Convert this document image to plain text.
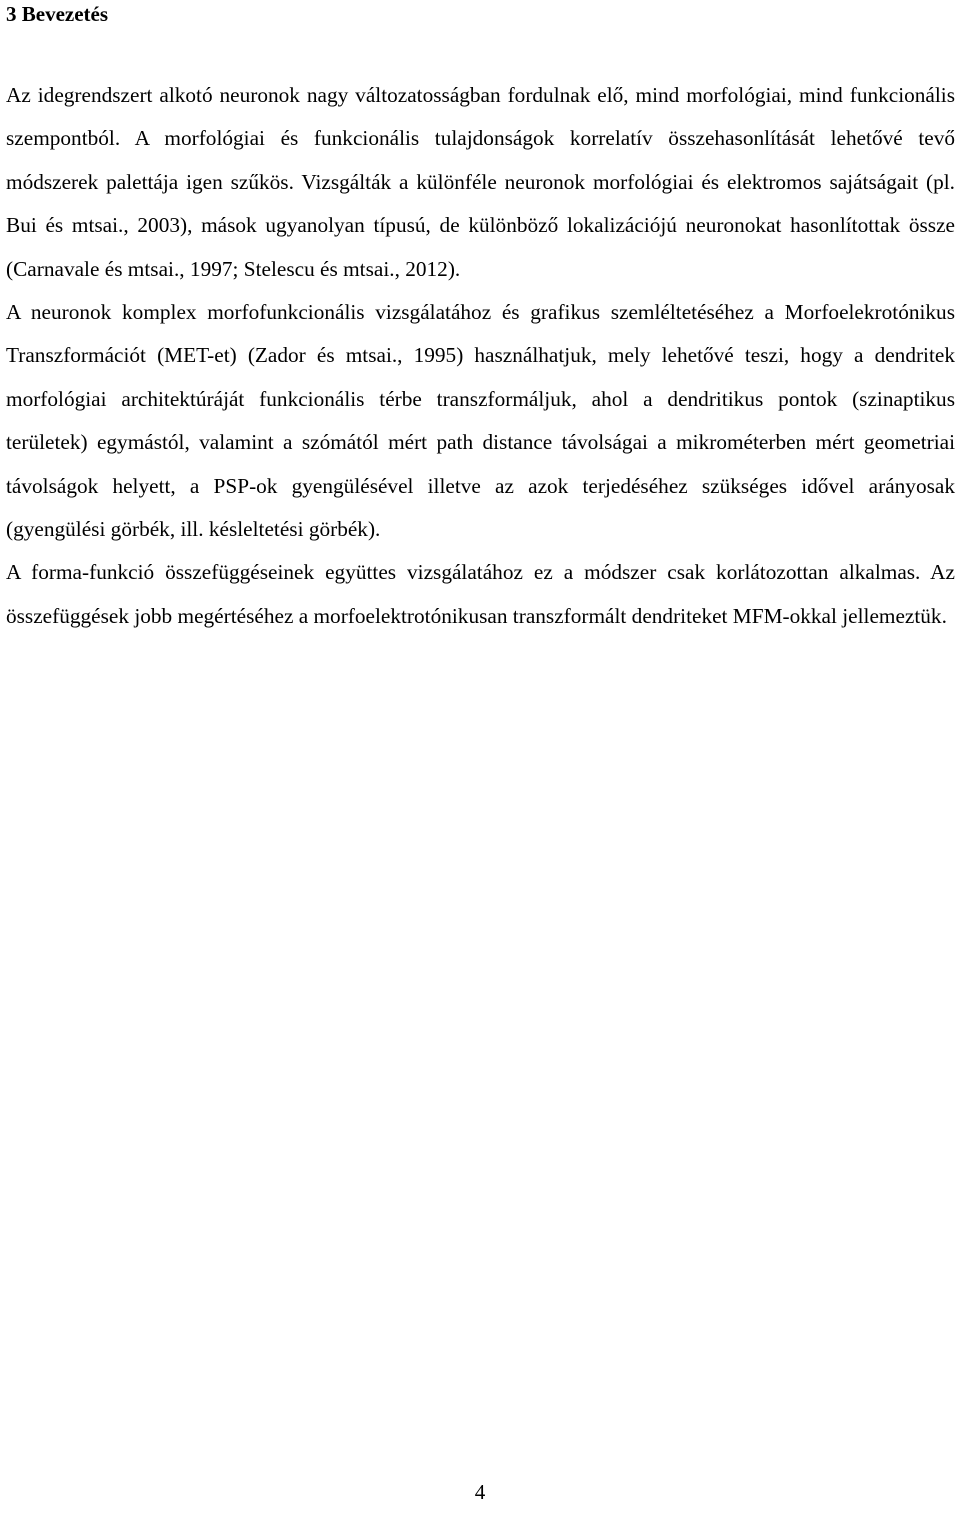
3 Bevezetés

Az idegrendszert alkotó neuronok nagy változatosságban fordulnak elő, mind morfológiai, mind funkcionális szempontból. A morfológiai és funkcionális tulajdonságok korrelatív összehasonlítását lehetővé tevő módszerek palettája igen szűkös. Vizsgálták a különféle neuronok morfológiai és elektromos sajátságait (pl. Bui és mtsai., 2003), mások ugyanolyan típusú, de különböző lokalizációjú neuronokat hasonlítottak össze (Carnavale és mtsai., 1997; Stelescu és mtsai., 2012).

A neuronok komplex morfofunkcionális vizsgálatához és grafikus szemléltetéséhez a Morfoelekrotónikus Transzformációt (MET-et) (Zador és mtsai., 1995) használhatjuk, mely lehetővé teszi, hogy a dendritek morfológiai architektúráját funkcionális térbe transzformáljuk, ahol a dendritikus pontok (szinaptikus területek) egymástól, valamint a szómától mért path distance távolságai a mikrométerben mért geometriai távolságok helyett, a PSP-ok gyengülésével illetve az azok terjedéséhez szükséges idővel arányosak (gyengülési görbék, ill. késleltetési görbék).

A forma-funkció összefüggéseinek együttes vizsgálatához ez a módszer csak korlátozottan alkalmas. Az összefüggések jobb megértéséhez a morfoelektrotónikusan transzformált dendriteket MFM-okkal jellemeztük.

4
